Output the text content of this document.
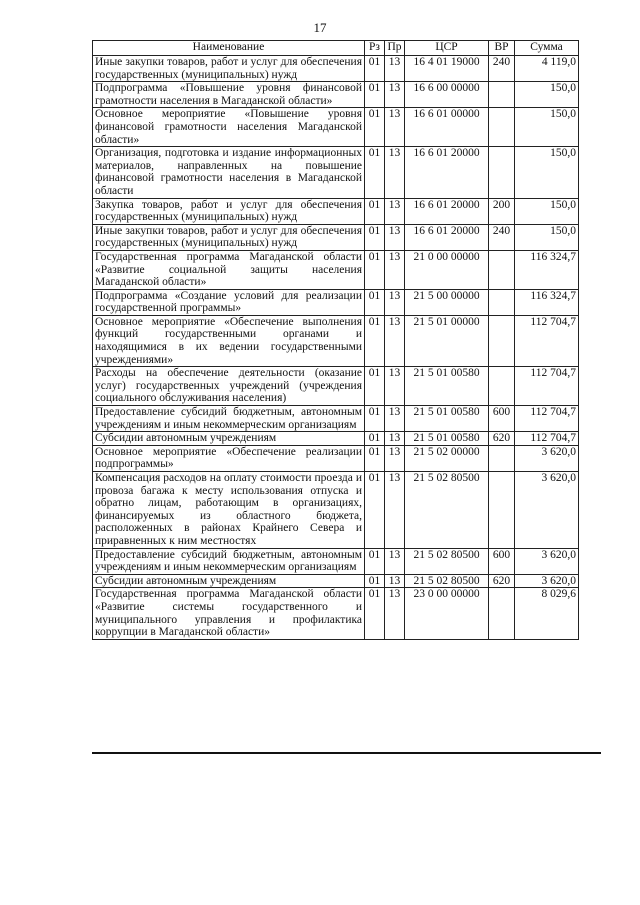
17
Наименование	Рз	Пр	ЦСР	ВР	Сумма
Иные закупки товаров, работ и услуг для обеспечения государственных (муниципальных) нужд	01	13	16 4 01 19000	240	4 119,0
Подпрограмма «Повышение уровня финансовой грамотности населения в Магаданской области»	01	13	16 6 00 00000		150,0
Основное мероприятие «Повышение уровня финансовой грамотности населения Магаданской области»	01	13	16 6 01 00000		150,0
Организация, подготовка и издание информационных материалов, направленных на повышение финансовой грамотности населения в Магаданской области	01	13	16 6 01 20000		150,0
Закупка товаров, работ и услуг для обеспечения государственных (муниципальных) нужд	01	13	16 6 01 20000	200	150,0
Иные закупки товаров, работ и услуг для обеспечения государственных (муниципальных) нужд	01	13	16 6 01 20000	240	150,0
Государственная программа Магаданской области «Развитие социальной защиты населения Магаданской области»	01	13	21 0 00 00000		116 324,7
Подпрограмма «Создание условий для реализации государственной программы»	01	13	21 5 00 00000		116 324,7
Основное мероприятие «Обеспечение выполнения функций государственными органами и находящимися в их ведении государственными учреждениями»	01	13	21 5 01 00000		112 704,7
Расходы на обеспечение деятельности (оказание услуг) государственных учреждений (учреждения социального обслуживания населения)	01	13	21 5 01 00580		112 704,7
Предоставление субсидий бюджетным, автономным учреждениям и иным некоммерческим организациям	01	13	21 5 01 00580	600	112 704,7
Субсидии автономным учреждениям	01	13	21 5 01 00580	620	112 704,7
Основное мероприятие «Обеспечение реализации подпрограммы»	01	13	21 5 02 00000		3 620,0
Компенсация расходов на оплату стоимости проезда и провоза багажа к месту использования отпуска и обратно лицам, работающим в организациях, финансируемых из областного бюджета, расположенных в районах Крайнего Севера и приравненных к ним местностях	01	13	21 5 02 80500		3 620,0
Предоставление субсидий бюджетным, автономным учреждениям и иным некоммерческим организациям	01	13	21 5 02 80500	600	3 620,0
Субсидии автономным учреждениям	01	13	21 5 02 80500	620	3 620,0
Государственная программа Магаданской области «Развитие системы государственного и муниципального управления и профилактика коррупции в Магаданской области»	01	13	23 0 00 00000		8 029,6
